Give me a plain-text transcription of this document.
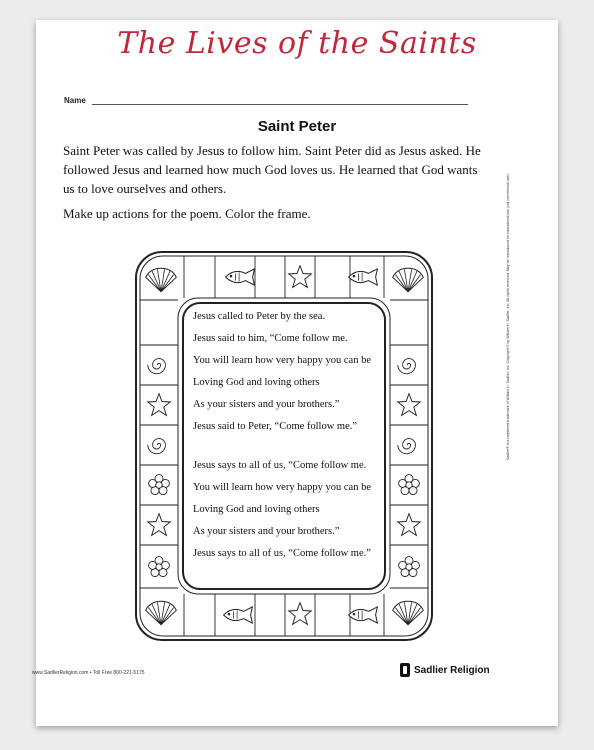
The Lives of the Saints
Name
Saint Peter

Saint Peter was called by Jesus to follow him. Saint Peter did as Jesus asked. He followed Jesus and learned how much God loves us. He learned that God wants us to love ourselves and others.

Make up actions for the poem. Color the frame.

Jesus called to Peter by the sea.
Jesus said to him, “Come follow me.
You will learn how very happy you can be
Loving God and loving others
As your sisters and your brothers.”
Jesus said to Peter, “Come follow me.”
Jesus says to all of us, “Come follow me.
You will learn how very happy you can be
Loving God and loving others
As your sisters and your brothers.”
Jesus says to all of us, “Come follow me.”
www.SadlierReligion.com • Toll Free 800-221-5175	Sadlier Religion
Sadlier® is a registered trademark of William H. Sadlier, Inc. Copyright © by William H. Sadlier, Inc. All rights reserved. May be reproduced for educational use (not commercial use).
